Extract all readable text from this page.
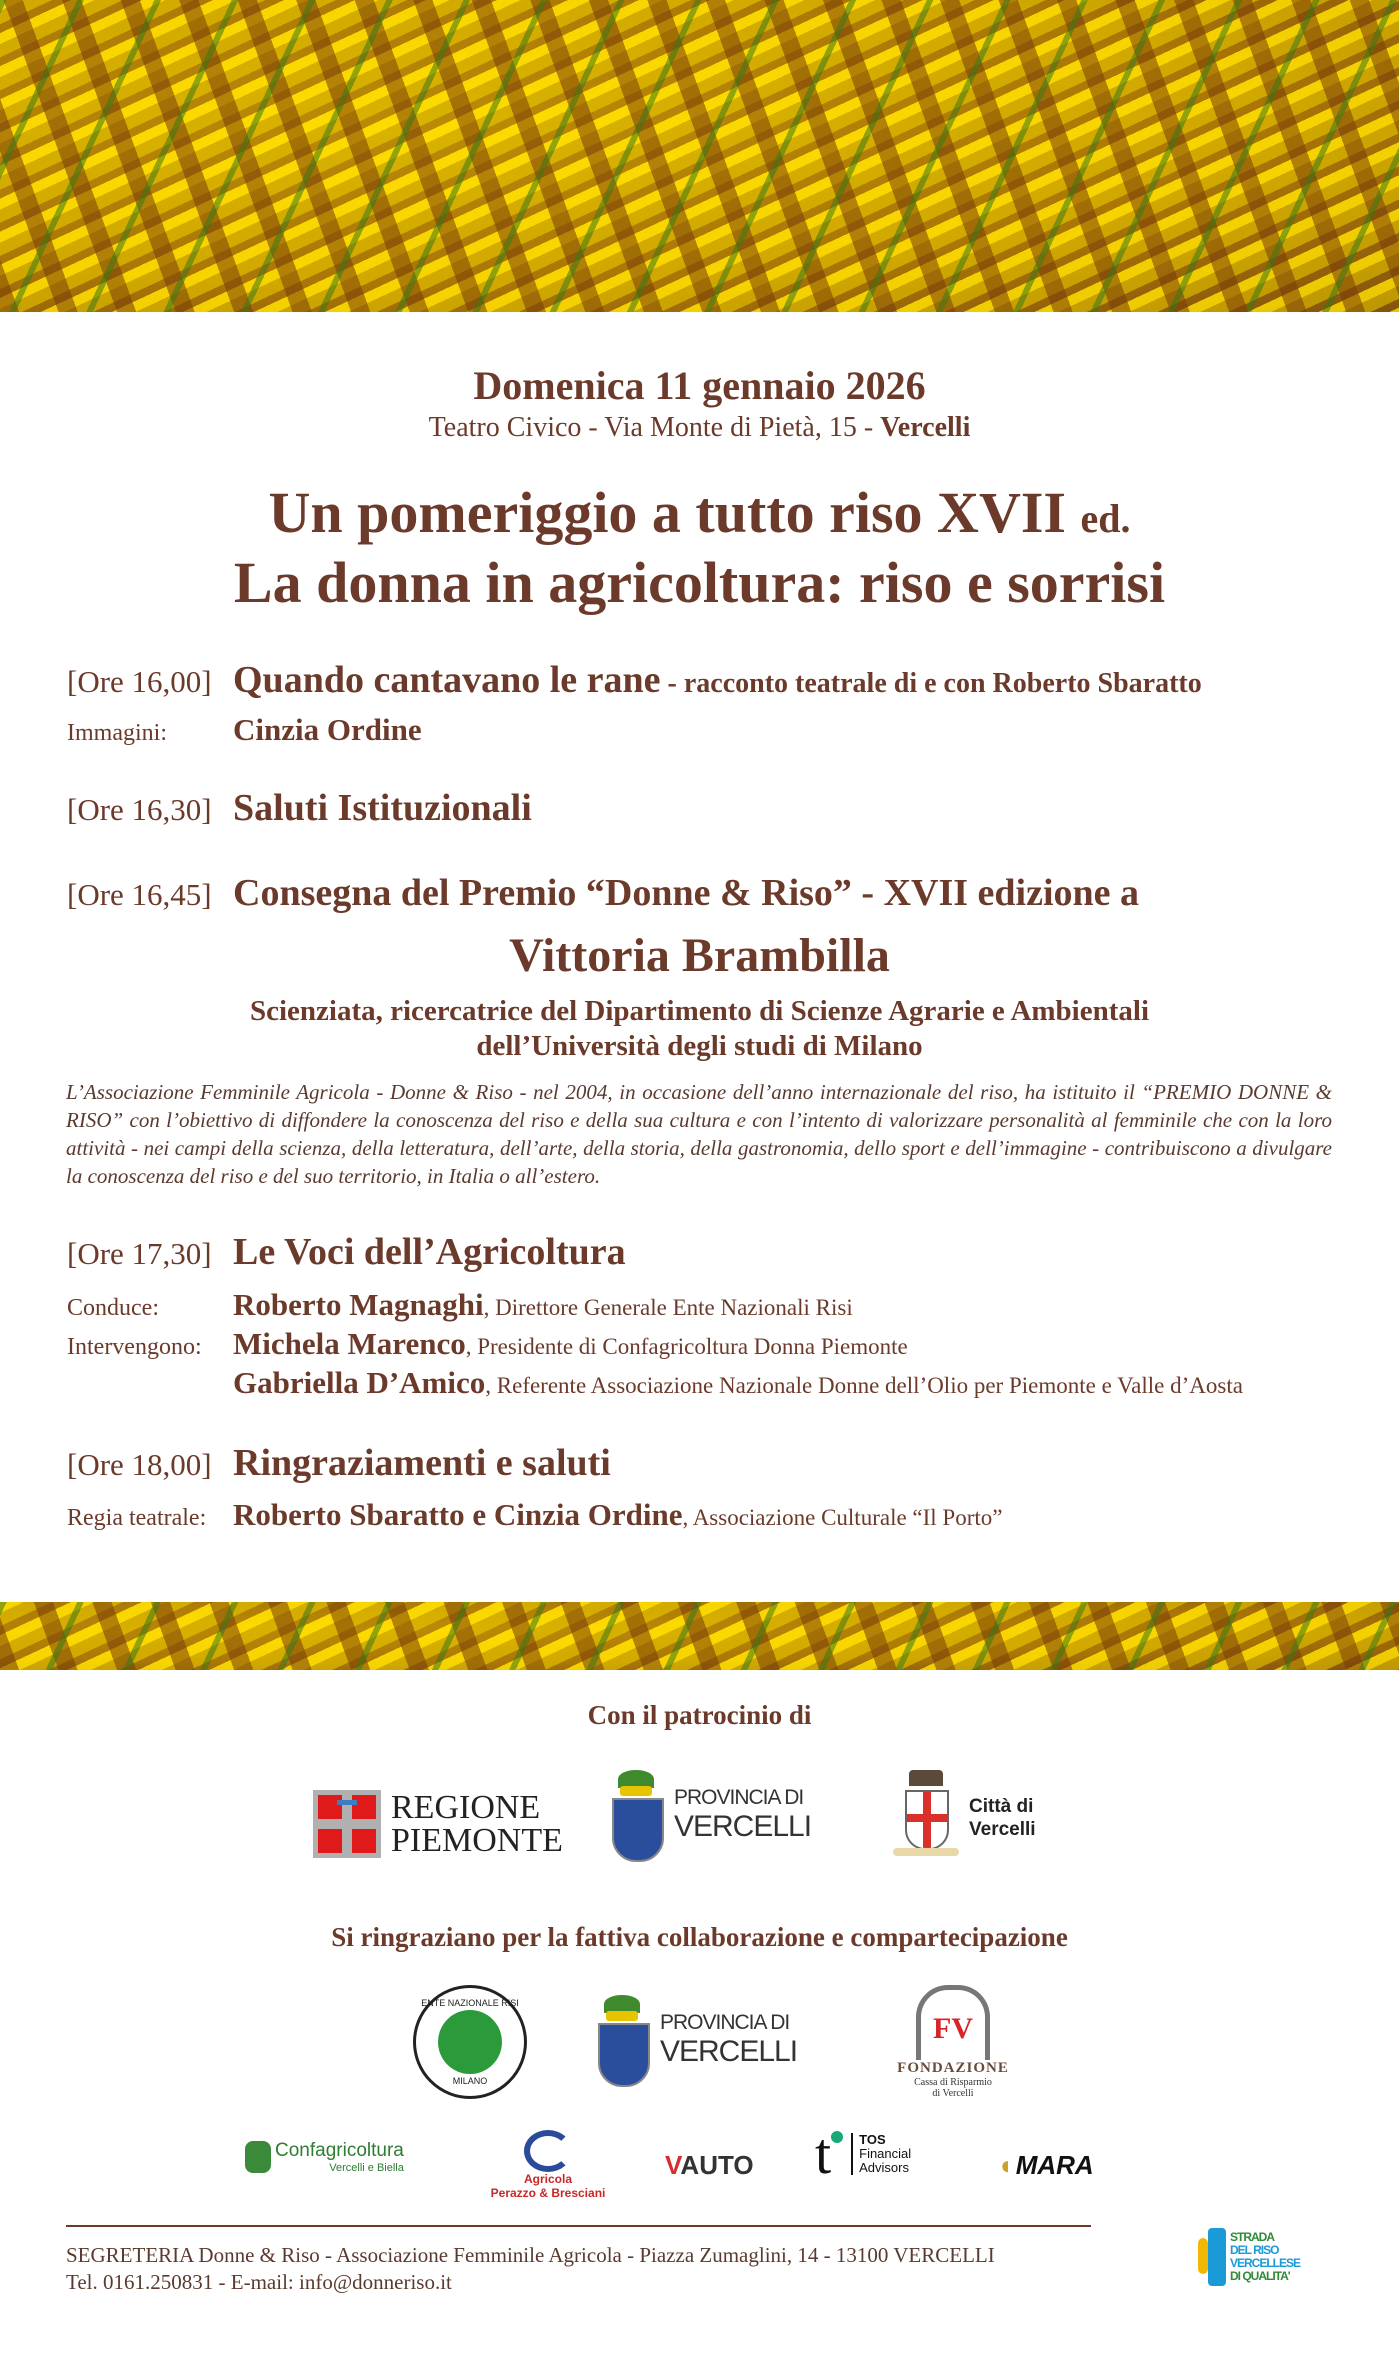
Domenica 11 gennaio 2026
Teatro Civico - Via Monte di Pietà, 15 - Vercelli
Un pomeriggio a tutto riso XVII ed.
La donna in agricoltura: riso e sorrisi
[Ore 16,00] Quando cantavano le rane - racconto teatrale di e con Roberto Sbaratto
Immagini: Cinzia Ordine
[Ore 16,30] Saluti Istituzionali
[Ore 16,45] Consegna del Premio “Donne & Riso” - XVII edizione a
Vittoria Brambilla
Scienziata, ricercatrice del Dipartimento di Scienze Agrarie e Ambientali
dell’Università degli studi di Milano
L’Associazione Femminile Agricola - Donne & Riso - nel 2004, in occasione dell’anno internazionale del riso, ha istituito il “PREMIO DONNE & RISO” con l’obiettivo di diffondere la conoscenza del riso e della sua cultura e con l’intento di valorizzare personalità al femminile che con la loro attività - nei campi della scienza, della letteratura, dell’arte, della storia, della gastronomia, dello sport e dell’immagine - contribuiscono a divulgare la conoscenza del riso e del suo territorio, in Italia o all’estero.
[Ore 17,30] Le Voci dell’Agricoltura
Conduce: Roberto Magnaghi, Direttore Generale Ente Nazionali Risi
Intervengono: Michela Marenco, Presidente di Confagricoltura Donna Piemonte
Gabriella D’Amico, Referente Associazione Nazionale Donne dell’Olio per Piemonte e Valle d’Aosta
[Ore 18,00] Ringraziamenti e saluti
Regia teatrale: Roberto Sbaratto e Cinzia Ordine, Associazione Culturale “Il Porto”
Con il patrocinio di
REGIONE
PIEMONTE
PROVINCIA DI
VERCELLI
Città di
Vercelli
Si ringraziano per la fattiva collaborazione e compartecipazione
ENTE NAZIONALE RISI
MILANO
PROVINCIA DI
VERCELLI
FV
FONDAZIONE
Cassa di Risparmio
di Vercelli
Confagricoltura
Vercelli e Biella
Agricola
Perazzo & Bresciani
VAUTO t	TOS
Financial
Advisors	◐MARA
SEGRETERIA Donne & Riso - Associazione Femminile Agricola - Piazza Zumaglini, 14 - 13100 VERCELLI
Tel. 0161.250831 - E-mail: info@donneriso.it
STRADA
DEL RISO
VERCELLESE
DI QUALITA'
